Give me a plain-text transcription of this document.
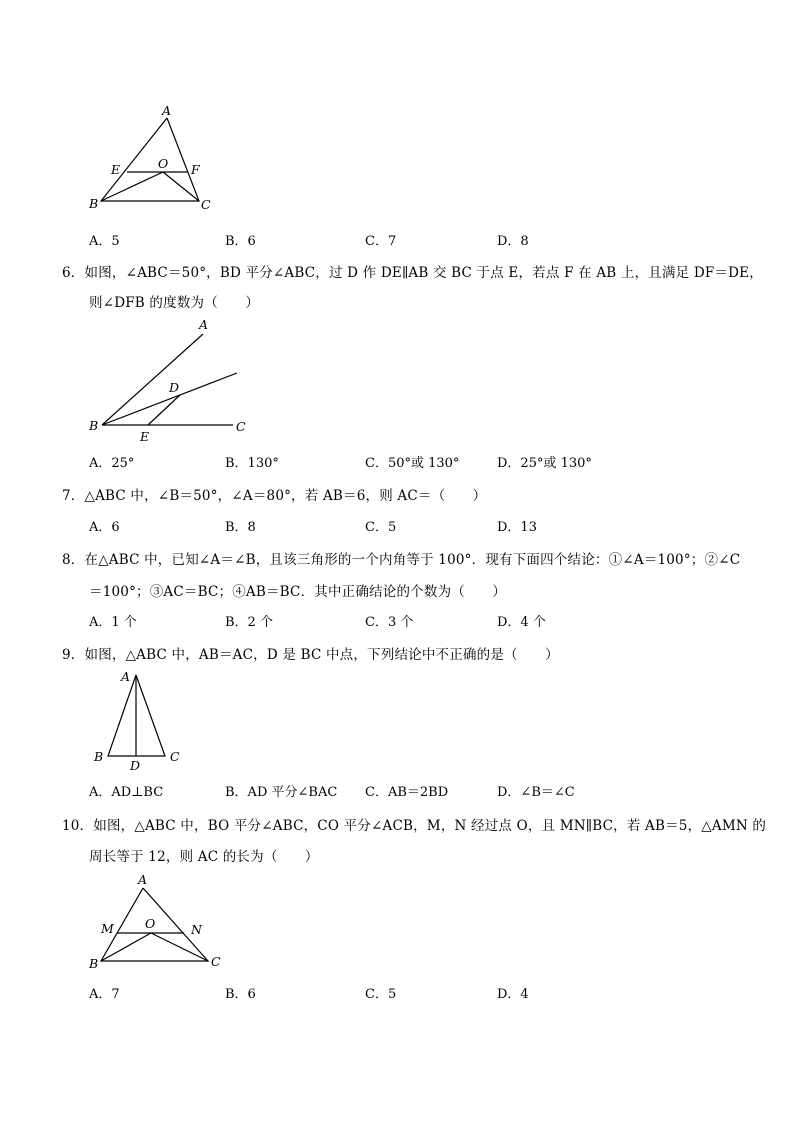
A
E	O F
B	C
A．5	B．6	C．7	D．8
6．如图，∠ABC＝50°，BD 平分∠ABC，过 D 作 DE∥AB 交 BC 于点 E，若点 F 在 AB 上，且满足 DF＝DE，
则∠DFB 的度数为（　　）
A
D
B
E
C
A．25°	B．130°	C．50°或 130°	D．25°或 130°
7．△ABC 中，∠B＝50°，∠A＝80°，若 AB＝6，则 AC＝（　　）
A．6	B．8	C．5	D．13
8．在△ABC 中，已知∠A＝∠B，且该三角形的一个内角等于 100°．现有下面四个结论：①∠A＝100°；②∠C
＝100°；③AC＝BC；④AB＝BC．其中正确结论的个数为（　　）
A．1 个	B．2 个	C．3 个	D．4 个
9．如图，△ABC 中，AB＝AC，D 是 BC 中点，下列结论中不正确的是（　　）
A
B
D
C
A．AD⊥BC	B．AD 平分∠BAC C．AB＝2BD	D．∠B＝∠C
10．如图，△ABC 中，BO 平分∠ABC，CO 平分∠ACB，M，N 经过点 O，且 MN∥BC，若 AB＝5，△AMN 的
周长等于 12，则 AC 的长为（　　）
A
M O	N
B	C
A．7	B．6	C．5	D．4
